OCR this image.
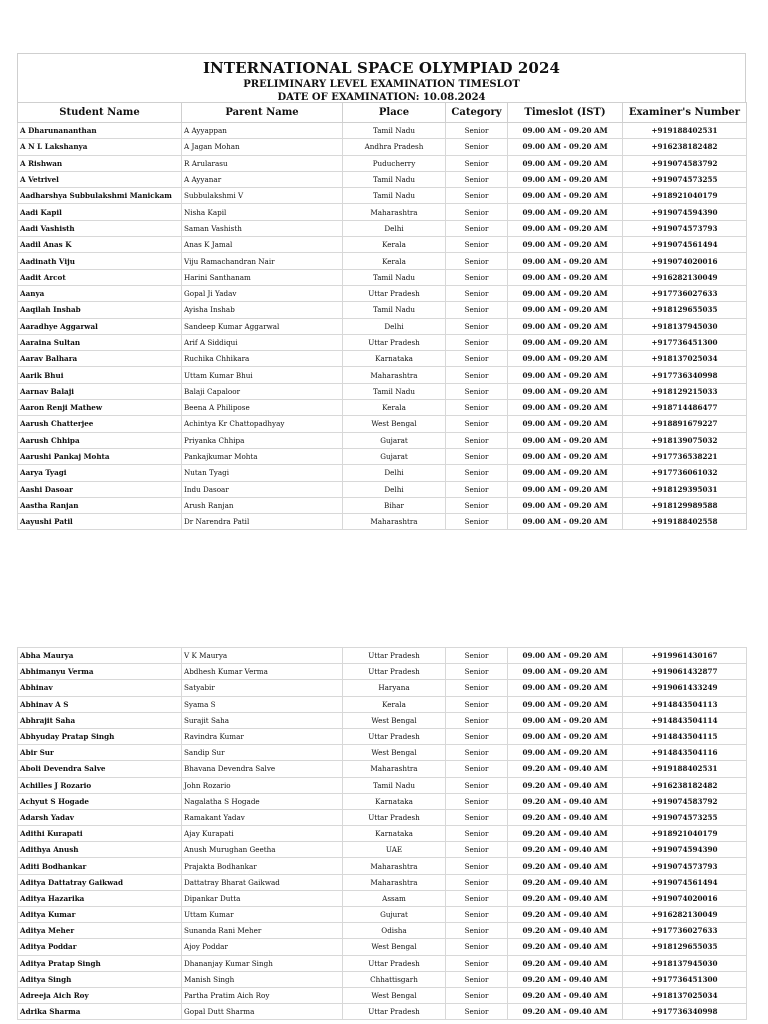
INTERNATIONAL SPACE OLYMPIAD 2024
PRELIMINARY LEVEL EXAMINATION TIMESLOT
DATE OF EXAMINATION: 10.08.2024
Student Name	Parent Name	Place	Category	Timeslot (IST)	Examiner's Number
A Dharunananthan	A Ayyappan	Tamil Nadu	Senior	09.00 AM - 09.20 AM	+919188402531
A N L Lakshanya	A Jagan Mohan	Andhra Pradesh	Senior	09.00 AM - 09.20 AM	+916238182482
A Rishwan	R Arularasu	Puducherry	Senior	09.00 AM - 09.20 AM	+919074583792
A Vetrivel	A Ayyanar	Tamil Nadu	Senior	09.00 AM - 09.20 AM	+919074573255
Aadharshya Subbulakshmi Manickam	Subbulakshmi V	Tamil Nadu	Senior	09.00 AM - 09.20 AM	+918921040179
Aadi Kapil	Nisha Kapil	Maharashtra	Senior	09.00 AM - 09.20 AM	+919074594390
Aadi Vashisth	Saman Vashisth	Delhi	Senior	09.00 AM - 09.20 AM	+919074573793
Aadil Anas K	Anas K Jamal	Kerala	Senior	09.00 AM - 09.20 AM	+919074561494
Aadinath Viju	Viju Ramachandran Nair	Kerala	Senior	09.00 AM - 09.20 AM	+919074020016
Aadit Arcot	Harini Santhanam	Tamil Nadu	Senior	09.00 AM - 09.20 AM	+916282130049
Aanya	Gopal Ji Yadav	Uttar Pradesh	Senior	09.00 AM - 09.20 AM	+917736027633
Aaqilah Inshab	Ayisha Inshab	Tamil Nadu	Senior	09.00 AM - 09.20 AM	+918129655035
Aaradhye Aggarwal	Sandeep Kumar Aggarwal	Delhi	Senior	09.00 AM - 09.20 AM	+918137945030
Aaraina Sultan	Arif A Siddiqui	Uttar Pradesh	Senior	09.00 AM - 09.20 AM	+917736451300
Aarav Balhara	Ruchika Chhikara	Karnataka	Senior	09.00 AM - 09.20 AM	+918137025034
Aarik Bhui	Uttam Kumar Bhui	Maharashtra	Senior	09.00 AM - 09.20 AM	+917736340998
Aarnav Balaji	Balaji Capaloor	Tamil Nadu	Senior	09.00 AM - 09.20 AM	+918129215033
Aaron Renji Mathew	Beena A Philipose	Kerala	Senior	09.00 AM - 09.20 AM	+918714486477
Aarush Chatterjee	Achintya Kr Chattopadhyay	West Bengal	Senior	09.00 AM - 09.20 AM	+918891679227
Aarush Chhipa	Priyanka Chhipa	Gujarat	Senior	09.00 AM - 09.20 AM	+918139075032
Aarushi Pankaj Mohta	Pankajkumar Mohta	Gujarat	Senior	09.00 AM - 09.20 AM	+917736538221
Aarya Tyagi	Nutan Tyagi	Delhi	Senior	09.00 AM - 09.20 AM	+917736061032
Aashi Dasoar	Indu Dasoar	Delhi	Senior	09.00 AM - 09.20 AM	+918129395031
Aastha Ranjan	Arush Ranjan	Bihar	Senior	09.00 AM - 09.20 AM	+918129989588
Aayushi Patil	Dr Narendra Patil	Maharashtra	Senior	09.00 AM - 09.20 AM	+919188402558
Abha Maurya	V K Maurya	Uttar Pradesh	Senior	09.00 AM - 09.20 AM	+919961430167
Abhimanyu Verma	Abdhesh Kumar Verma	Uttar Pradesh	Senior	09.00 AM - 09.20 AM	+919061432877
Abhinav	Satyabir	Haryana	Senior	09.00 AM - 09.20 AM	+919061433249
Abhinav A S	Syama S	Kerala	Senior	09.00 AM - 09.20 AM	+914843504113
Abhrajit Saha	Surajit Saha	West Bengal	Senior	09.00 AM - 09.20 AM	+914843504114
Abhyuday Pratap Singh	Ravindra Kumar	Uttar Pradesh	Senior	09.00 AM - 09.20 AM	+914843504115
Abir Sur	Sandip Sur	West Bengal	Senior	09.00 AM - 09.20 AM	+914843504116
Aboli Devendra Salve	Bhavana Devendra Salve	Maharashtra	Senior	09.20 AM - 09.40 AM	+919188402531
Achilles J Rozario	John Rozario	Tamil Nadu	Senior	09.20 AM - 09.40 AM	+916238182482
Achyut S Hogade	Nagalatha S Hogade	Karnataka	Senior	09.20 AM - 09.40 AM	+919074583792
Adarsh Yadav	Ramakant Yadav	Uttar Pradesh	Senior	09.20 AM - 09.40 AM	+919074573255
Adithi Kurapati	Ajay Kurapati	Karnataka	Senior	09.20 AM - 09.40 AM	+918921040179
Adithya Anush	Anush Murughan Geetha	UAE	Senior	09.20 AM - 09.40 AM	+919074594390
Aditi Bodhankar	Prajakta Bodhankar	Maharashtra	Senior	09.20 AM - 09.40 AM	+919074573793
Aditya Dattatray Gaikwad	Dattatray Bharat Gaikwad	Maharashtra	Senior	09.20 AM - 09.40 AM	+919074561494
Aditya Hazarika	Dipankar Dutta	Assam	Senior	09.20 AM - 09.40 AM	+919074020016
Aditya Kumar	Uttam Kumar	Gujurat	Senior	09.20 AM - 09.40 AM	+916282130049
Aditya Meher	Sunanda Rani Meher	Odisha	Senior	09.20 AM - 09.40 AM	+917736027633
Aditya Poddar	Ajoy Poddar	West Bengal	Senior	09.20 AM - 09.40 AM	+918129655035
Aditya Pratap Singh	Dhananjay Kumar Singh	Uttar Pradesh	Senior	09.20 AM - 09.40 AM	+918137945030
Aditya Singh	Manish Singh	Chhattisgarh	Senior	09.20 AM - 09.40 AM	+917736451300
Adreeja Aich Roy	Partha Pratim Aich Roy	West Bengal	Senior	09.20 AM - 09.40 AM	+918137025034
Adrika Sharma	Gopal Dutt Sharma	Uttar Pradesh	Senior	09.20 AM - 09.40 AM	+917736340998
